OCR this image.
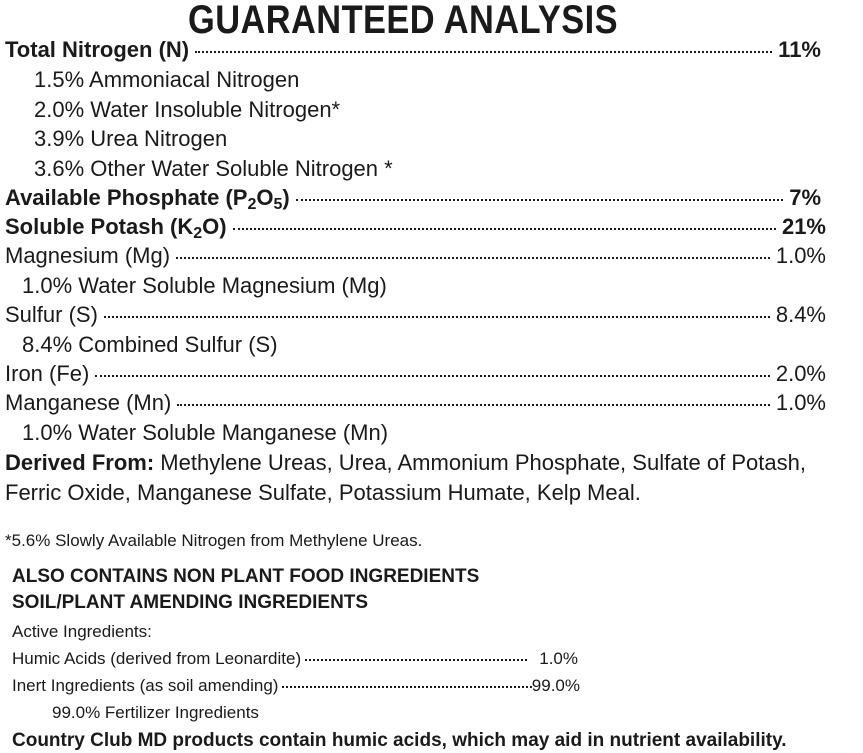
GUARANTEED ANALYSIS
Total Nitrogen (N)	11%
1.5% Ammoniacal Nitrogen
2.0% Water Insoluble Nitrogen*
3.9% Urea Nitrogen
3.6% Other Water Soluble Nitrogen *
Available Phosphate (P2O5)	7%
Soluble Potash (K2O)	21%
Magnesium (Mg)	1.0%
1.0% Water Soluble Magnesium (Mg)
Sulfur (S)	8.4%
8.4% Combined Sulfur (S)
Iron (Fe)	2.0%
Manganese (Mn)	1.0%
1.0% Water Soluble Manganese (Mn)
Derived From: Methylene Ureas, Urea, Ammonium Phosphate, Sulfate of Potash, Ferric Oxide, Manganese Sulfate, Potassium Humate, Kelp Meal.
*5.6% Slowly Available Nitrogen from Methylene Ureas.
ALSO CONTAINS NON PLANT FOOD INGREDIENTS
SOIL/PLANT AMENDING INGREDIENTS
Active Ingredients:
Humic Acids (derived from Leonardite)	1.0%
Inert Ingredients (as soil amending)	99.0%
99.0% Fertilizer Ingredients
Country Club MD products contain humic acids, which may aid in nutrient availability.
